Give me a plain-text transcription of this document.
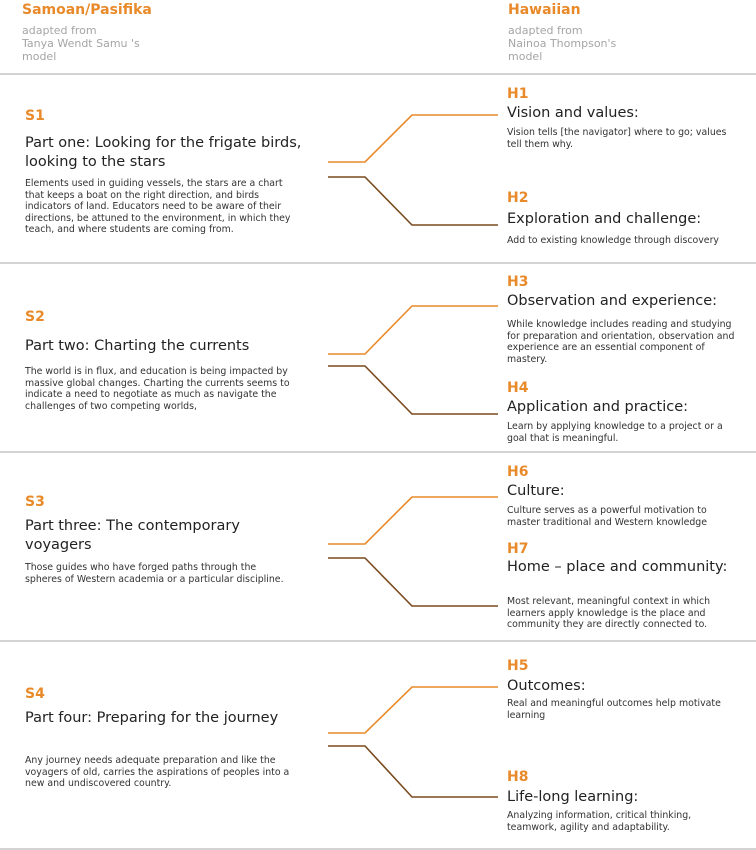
Samoan/Pasifika
adapted from
Tanya Wendt Samu 's
model
Hawaiian
adapted from
Nainoa Thompson's
model
S1
Part one: Looking for the frigate birds, looking to the stars
Elements used in guiding vessels, the stars are a chart that keeps a boat on the right direction, and birds indicators of land. Educators need to be aware of their directions, be attuned to the environment, in which they teach, and where students are coming from.
H1
Vision and values:
Vision tells [the navigator] where to go; values tell them why.
H2
Exploration and challenge:
Add to existing knowledge through discovery
S2
Part two: Charting the currents
The world is in flux, and education is being impacted by massive global changes. Charting the currents seems to indicate a need to negotiate as much as navigate the challenges of two competing worlds,
H3
Observation and experience:
While knowledge includes reading and studying for preparation and orientation, observation and experience are an essential component of mastery.
H4
Application and practice:
Learn by applying knowledge to a project or a goal that is meaningful.
S3
Part three: The contemporary voyagers
Those guides who have forged paths through the spheres of Western academia or a particular discipline.
H6
Culture:
Culture serves as a powerful motivation to master traditional and Western knowledge
H7
Home – place and community:
Most relevant, meaningful context in which learners apply knowledge is the place and community they are directly connected to.
S4
Part four: Preparing for the journey
Any journey needs adequate preparation and like the voyagers of old, carries the aspirations of peoples into a new and undiscovered country.
H5
Outcomes:
Real and meaningful outcomes help motivate learning
H8
Life-long learning:
Analyzing information, critical thinking, teamwork, agility and adaptability.
